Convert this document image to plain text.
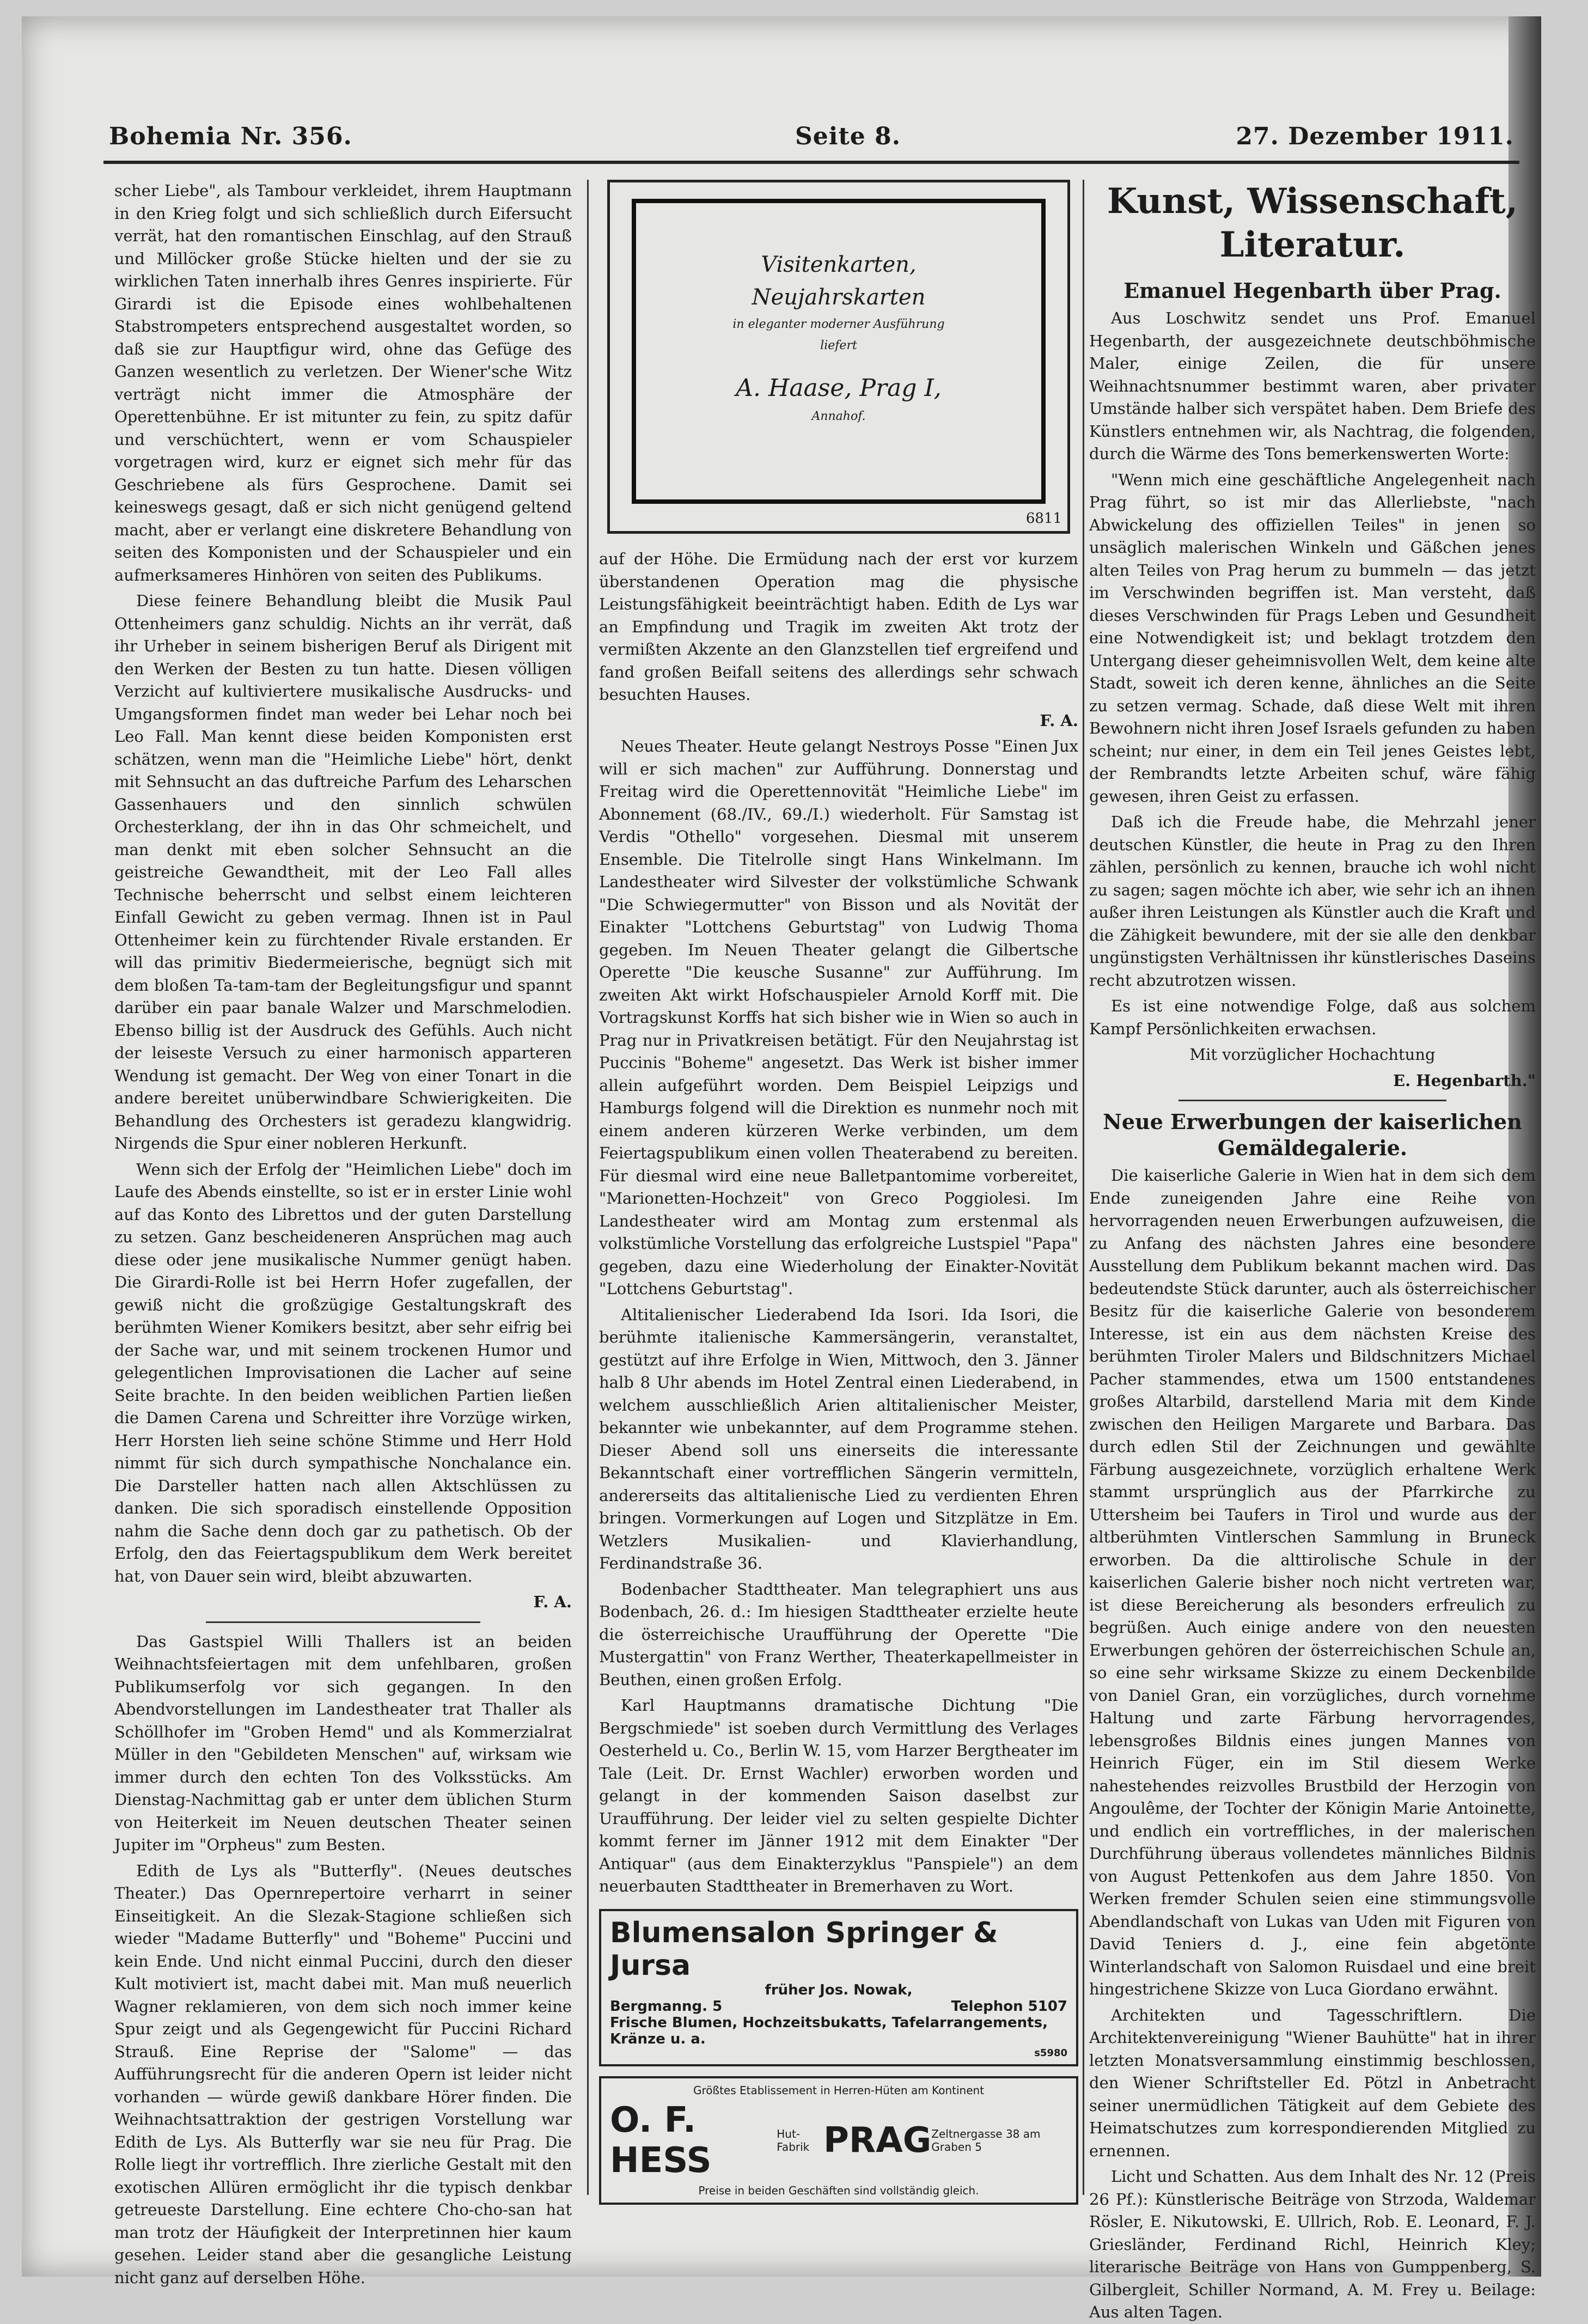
Bohemia Nr. 356.	Seite 8.	27. Dezember 1911.

scher Liebe", als Tambour verkleidet, ihrem Hauptmann in den Krieg folgt und sich schließlich durch Eifersucht verrät, hat den romantischen Einschlag, auf den Strauß und Millöcker große Stücke hielten und der sie zu wirklichen Taten innerhalb ihres Genres inspirierte. Für Girardi ist die Episode eines wohlbehaltenen Stabstrompeters entsprechend ausgestaltet worden, so daß sie zur Hauptfigur wird, ohne das Gefüge des Ganzen wesentlich zu verletzen. Der Wiener'sche Witz verträgt nicht immer die Atmosphäre der Operettenbühne. Er ist mitunter zu fein, zu spitz dafür und verschüchtert, wenn er vom Schauspieler vorgetragen wird, kurz er eignet sich mehr für das Geschriebene als fürs Gesprochene. Damit sei keineswegs gesagt, daß er sich nicht genügend geltend macht, aber er verlangt eine diskretere Behandlung von seiten des Komponisten und der Schauspieler und ein aufmerksameres Hinhören von seiten des Publikums.

Diese feinere Behandlung bleibt die Musik Paul Ottenheimers ganz schuldig. Nichts an ihr verrät, daß ihr Urheber in seinem bisherigen Beruf als Dirigent mit den Werken der Besten zu tun hatte. Diesen völligen Verzicht auf kultiviertere musikalische Ausdrucks- und Umgangsformen findet man weder bei Lehar noch bei Leo Fall. Man kennt diese beiden Komponisten erst schätzen, wenn man die "Heimliche Liebe" hört, denkt mit Sehnsucht an das duftreiche Parfum des Leharschen Gassenhauers und den sinnlich schwülen Orchesterklang, der ihn in das Ohr schmeichelt, und man denkt mit eben solcher Sehnsucht an die geistreiche Gewandtheit, mit der Leo Fall alles Technische beherrscht und selbst einem leichteren Einfall Gewicht zu geben vermag. Ihnen ist in Paul Ottenheimer kein zu fürchtender Rivale erstanden. Er will das primitiv Biedermeierische, begnügt sich mit dem bloßen Ta-tam-tam der Begleitungsfigur und spannt darüber ein paar banale Walzer und Marschmelodien. Ebenso billig ist der Ausdruck des Gefühls. Auch nicht der leiseste Versuch zu einer harmonisch apparteren Wendung ist gemacht. Der Weg von einer Tonart in die andere bereitet unüberwindbare Schwierigkeiten. Die Behandlung des Orchesters ist geradezu klangwidrig. Nirgends die Spur einer nobleren Herkunft.

Wenn sich der Erfolg der "Heimlichen Liebe" doch im Laufe des Abends einstellte, so ist er in erster Linie wohl auf das Konto des Librettos und der guten Darstellung zu setzen. Ganz bescheideneren Ansprüchen mag auch diese oder jene musikalische Nummer genügt haben. Die Girardi-Rolle ist bei Herrn Hofer zugefallen, der gewiß nicht die großzügige Gestaltungskraft des berühmten Wiener Komikers besitzt, aber sehr eifrig bei der Sache war, und mit seinem trockenen Humor und gelegentlichen Improvisationen die Lacher auf seine Seite brachte. In den beiden weiblichen Partien ließen die Damen Carena und Schreitter ihre Vorzüge wirken, Herr Horsten lieh seine schöne Stimme und Herr Hold nimmt für sich durch sympathische Nonchalance ein. Die Darsteller hatten nach allen Aktschlüssen zu danken. Die sich sporadisch einstellende Opposition nahm die Sache denn doch gar zu pathetisch. Ob der Erfolg, den das Feiertagspublikum dem Werk bereitet hat, von Dauer sein wird, bleibt abzuwarten.

F. A.

Das Gastspiel Willi Thallers ist an beiden Weihnachtsfeiertagen mit dem unfehlbaren, großen Publikumserfolg vor sich gegangen. In den Abendvorstellungen im Landestheater trat Thaller als Schöllhofer im "Groben Hemd" und als Kommerzialrat Müller in den "Gebildeten Menschen" auf, wirksam wie immer durch den echten Ton des Volksstücks. Am Dienstag-Nachmittag gab er unter dem üblichen Sturm von Heiterkeit im Neuen deutschen Theater seinen Jupiter im "Orpheus" zum Besten.

Edith de Lys als "Butterfly". (Neues deutsches Theater.) Das Opernrepertoire verharrt in seiner Einseitigkeit. An die Slezak-Stagione schließen sich wieder "Madame Butterfly" und "Boheme" Puccini und kein Ende. Und nicht einmal Puccini, durch den dieser Kult motiviert ist, macht dabei mit. Man muß neuerlich Wagner reklamieren, von dem sich noch immer keine Spur zeigt und als Gegengewicht für Puccini Richard Strauß. Eine Reprise der "Salome" — das Aufführungsrecht für die anderen Opern ist leider nicht vorhanden — würde gewiß dankbare Hörer finden. Die Weihnachtsattraktion der gestrigen Vorstellung war Edith de Lys. Als Butterfly war sie neu für Prag. Die Rolle liegt ihr vortrefflich. Ihre zierliche Gestalt mit den exotischen Allüren ermöglicht ihr die typisch denkbar getreueste Darstellung. Eine echtere Cho-cho-san hat man trotz der Häufigkeit der Interpretinnen hier kaum gesehen. Leider stand aber die gesangliche Leistung nicht ganz auf derselben Höhe.

Visitenkarten,
Neujahrskarten
in eleganter moderner Ausführung
liefert
A. Haase, Prag I,
Annahof.
6811

auf der Höhe. Die Ermüdung nach der erst vor kurzem überstandenen Operation mag die physische Leistungsfähigkeit beeinträchtigt haben. Edith de Lys war an Empfindung und Tragik im zweiten Akt trotz der vermißten Akzente an den Glanzstellen tief ergreifend und fand großen Beifall seitens des allerdings sehr schwach besuchten Hauses.

F. A.

Neues Theater. Heute gelangt Nestroys Posse "Einen Jux will er sich machen" zur Aufführung. Donnerstag und Freitag wird die Operettennovität "Heimliche Liebe" im Abonnement (68./IV., 69./I.) wiederholt. Für Samstag ist Verdis "Othello" vorgesehen. Diesmal mit unserem Ensemble. Die Titelrolle singt Hans Winkelmann. Im Landestheater wird Silvester der volkstümliche Schwank "Die Schwiegermutter" von Bisson und als Novität der Einakter "Lottchens Geburtstag" von Ludwig Thoma gegeben. Im Neuen Theater gelangt die Gilbertsche Operette "Die keusche Susanne" zur Aufführung. Im zweiten Akt wirkt Hofschauspieler Arnold Korff mit. Die Vortragskunst Korffs hat sich bisher wie in Wien so auch in Prag nur in Privatkreisen betätigt. Für den Neujahrstag ist Puccinis "Boheme" angesetzt. Das Werk ist bisher immer allein aufgeführt worden. Dem Beispiel Leipzigs und Hamburgs folgend will die Direktion es nunmehr noch mit einem anderen kürzeren Werke verbinden, um dem Feiertagspublikum einen vollen Theaterabend zu bereiten. Für diesmal wird eine neue Balletpantomime vorbereitet, "Marionetten-Hochzeit" von Greco Poggiolesi. Im Landestheater wird am Montag zum erstenmal als volkstümliche Vorstellung das erfolgreiche Lustspiel "Papa" gegeben, dazu eine Wiederholung der Einakter-Novität "Lottchens Geburtstag".

Altitalienischer Liederabend Ida Isori. Ida Isori, die berühmte italienische Kammersängerin, veranstaltet, gestützt auf ihre Erfolge in Wien, Mittwoch, den 3. Jänner halb 8 Uhr abends im Hotel Zentral einen Liederabend, in welchem ausschließlich Arien altitalienischer Meister, bekannter wie unbekannter, auf dem Programme stehen. Dieser Abend soll uns einerseits die interessante Bekanntschaft einer vortrefflichen Sängerin vermitteln, andererseits das altitalienische Lied zu verdienten Ehren bringen. Vormerkungen auf Logen und Sitzplätze in Em. Wetzlers Musikalien- und Klavierhandlung, Ferdinandstraße 36.

Bodenbacher Stadttheater. Man telegraphiert uns aus Bodenbach, 26. d.: Im hiesigen Stadttheater erzielte heute die österreichische Uraufführung der Operette "Die Mustergattin" von Franz Werther, Theaterkapellmeister in Beuthen, einen großen Erfolg.

Karl Hauptmanns dramatische Dichtung "Die Bergschmiede" ist soeben durch Vermittlung des Verlages Oesterheld u. Co., Berlin W. 15, vom Harzer Bergtheater im Tale (Leit. Dr. Ernst Wachler) erworben worden und gelangt in der kommenden Saison daselbst zur Uraufführung. Der leider viel zu selten gespielte Dichter kommt ferner im Jänner 1912 mit dem Einakter "Der Antiquar" (aus dem Einakterzyklus "Panspiele") an dem neuerbauten Stadttheater in Bremerhaven zu Wort.

Blumensalon Springer & Jursa
früher Jos. Nowak,
Bergmanng. 5	Telephon 5107
Frische Blumen, Hochzeitsbukatts, Tafelarrangements, Kränze u. a.
s5980
Größtes Etablissement in Herren-Hüten am Kontinent
O. F. HESS
Hut-Fabrik PRAG Zeltnergasse 38 am Graben 5
Preise in beiden Geschäften sind vollständig gleich.

Kunst, Wissenschaft, Literatur.

Emanuel Hegenbarth über Prag.

Aus Loschwitz sendet uns Prof. Emanuel Hegenbarth, der ausgezeichnete deutschböhmische Maler, einige Zeilen, die für unsere Weihnachtsnummer bestimmt waren, aber privater Umstände halber sich verspätet haben. Dem Briefe des Künstlers entnehmen wir, als Nachtrag, die folgenden, durch die Wärme des Tons bemerkenswerten Worte:

"Wenn mich eine geschäftliche Angelegenheit nach Prag führt, so ist mir das Allerliebste, "nach Abwickelung des offiziellen Teiles" in jenen so unsäglich malerischen Winkeln und Gäßchen jenes alten Teiles von Prag herum zu bummeln — das jetzt im Verschwinden begriffen ist. Man versteht, daß dieses Verschwinden für Prags Leben und Gesundheit eine Notwendigkeit ist; und beklagt trotzdem den Untergang dieser geheimnisvollen Welt, dem keine alte Stadt, soweit ich deren kenne, ähnliches an die Seite zu setzen vermag. Schade, daß diese Welt mit ihren Bewohnern nicht ihren Josef Israels gefunden zu haben scheint; nur einer, in dem ein Teil jenes Geistes lebt, der Rembrandts letzte Arbeiten schuf, wäre fähig gewesen, ihren Geist zu erfassen.

Daß ich die Freude habe, die Mehrzahl jener deutschen Künstler, die heute in Prag zu den Ihren zählen, persönlich zu kennen, brauche ich wohl nicht zu sagen; sagen möchte ich aber, wie sehr ich an ihnen außer ihren Leistungen als Künstler auch die Kraft und die Zähigkeit bewundere, mit der sie alle den denkbar ungünstigsten Verhältnissen ihr künstlerisches Daseins recht abzutrotzen wissen.

Es ist eine notwendige Folge, daß aus solchem Kampf Persönlichkeiten erwachsen.

Mit vorzüglicher Hochachtung

E. Hegenbarth."

Neue Erwerbungen der kaiserlichen Gemäldegalerie.

Die kaiserliche Galerie in Wien hat in dem sich dem Ende zuneigenden Jahre eine Reihe von hervorragenden neuen Erwerbungen aufzuweisen, die zu Anfang des nächsten Jahres eine besondere Ausstellung dem Publikum bekannt machen wird. Das bedeutendste Stück darunter, auch als österreichischer Besitz für die kaiserliche Galerie von besonderem Interesse, ist ein aus dem nächsten Kreise des berühmten Tiroler Malers und Bildschnitzers Michael Pacher stammendes, etwa um 1500 entstandenes großes Altarbild, darstellend Maria mit dem Kinde zwischen den Heiligen Margarete und Barbara. Das durch edlen Stil der Zeichnungen und gewählte Färbung ausgezeichnete, vorzüglich erhaltene Werk stammt ursprünglich aus der Pfarrkirche zu Uttersheim bei Taufers in Tirol und wurde aus der altberühmten Vintlerschen Sammlung in Bruneck erworben. Da die alttirolische Schule in der kaiserlichen Galerie bisher noch nicht vertreten war, ist diese Bereicherung als besonders erfreulich zu begrüßen. Auch einige andere von den neuesten Erwerbungen gehören der österreichischen Schule an, so eine sehr wirksame Skizze zu einem Deckenbilde von Daniel Gran, ein vorzügliches, durch vornehme Haltung und zarte Färbung hervorragendes, lebensgroßes Bildnis eines jungen Mannes von Heinrich Füger, ein im Stil diesem Werke nahestehendes reizvolles Brustbild der Herzogin von Angoulême, der Tochter der Königin Marie Antoinette, und endlich ein vortreffliches, in der malerischen Durchführung überaus vollendetes männliches Bildnis von August Pettenkofen aus dem Jahre 1850. Von Werken fremder Schulen seien eine stimmungsvolle Abendlandschaft von Lukas van Uden mit Figuren von David Teniers d. J., eine fein abgetönte Winterlandschaft von Salomon Ruisdael und eine breit hingestrichene Skizze von Luca Giordano erwähnt.

Architekten und Tagesschriftlern. Die Architektenvereinigung "Wiener Bauhütte" hat in ihrer letzten Monatsversammlung einstimmig beschlossen, den Wiener Schriftsteller Ed. Pötzl in Anbetracht seiner unermüdlichen Tätigkeit auf dem Gebiete des Heimatschutzes zum korrespondierenden Mitglied zu ernennen.

Licht und Schatten. Aus dem Inhalt des Nr. 12 (Preis 26 Pf.): Künstlerische Beiträge von Strzoda, Waldemar Rösler, E. Nikutowski, E. Ullrich, Rob. E. Leonard, F. J. Griesländer, Ferdinand Richl, Heinrich Kley; literarische Beiträge von Hans von Gumppenberg, S. Gilbergleit, Schiller Normand, A. M. Frey u. Beilage: Aus alten Tagen.
